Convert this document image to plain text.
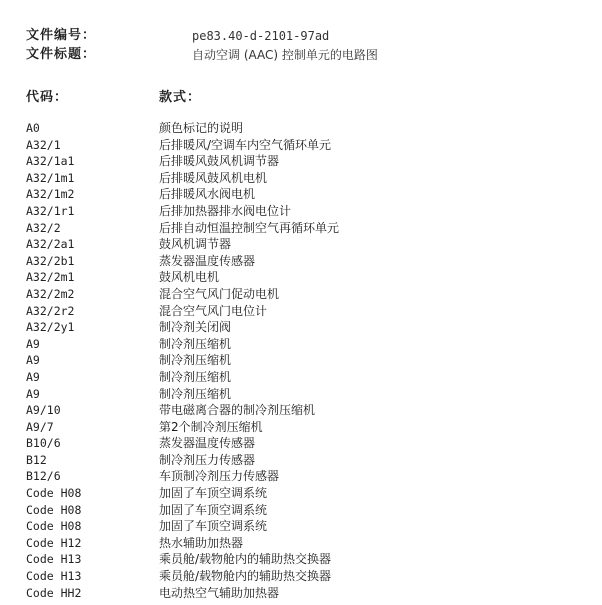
文件编号：	pe83.40-d-2101-97ad
文件标题：	自动空调 (AAC) 控制单元的电路图
代码：	款式：
A0	颜色标记的说明
A32/1	后排暖风/空调车内空气循环单元
A32/1a1	后排暖风鼓风机调节器
A32/1m1	后排暖风鼓风机电机
A32/1m2	后排暖风水阀电机
A32/1r1	后排加热器排水阀电位计
A32/2	后排自动恒温控制空气再循环单元
A32/2a1	鼓风机调节器
A32/2b1	蒸发器温度传感器
A32/2m1	鼓风机电机
A32/2m2	混合空气风门促动电机
A32/2r2	混合空气风门电位计
A32/2y1	制冷剂关闭阀
A9	制冷剂压缩机
A9	制冷剂压缩机
A9	制冷剂压缩机
A9	制冷剂压缩机
A9/10	带电磁离合器的制冷剂压缩机
A9/7	第2个制冷剂压缩机
B10/6	蒸发器温度传感器
B12	制冷剂压力传感器
B12/6	车顶制冷剂压力传感器
Code H08	加固了车顶空调系统
Code H08	加固了车顶空调系统
Code H08	加固了车顶空调系统
Code H12	热水辅助加热器
Code H13	乘员舱/载物舱内的辅助热交换器
Code H13	乘员舱/载物舱内的辅助热交换器
Code HH2	电动热空气辅助加热器
